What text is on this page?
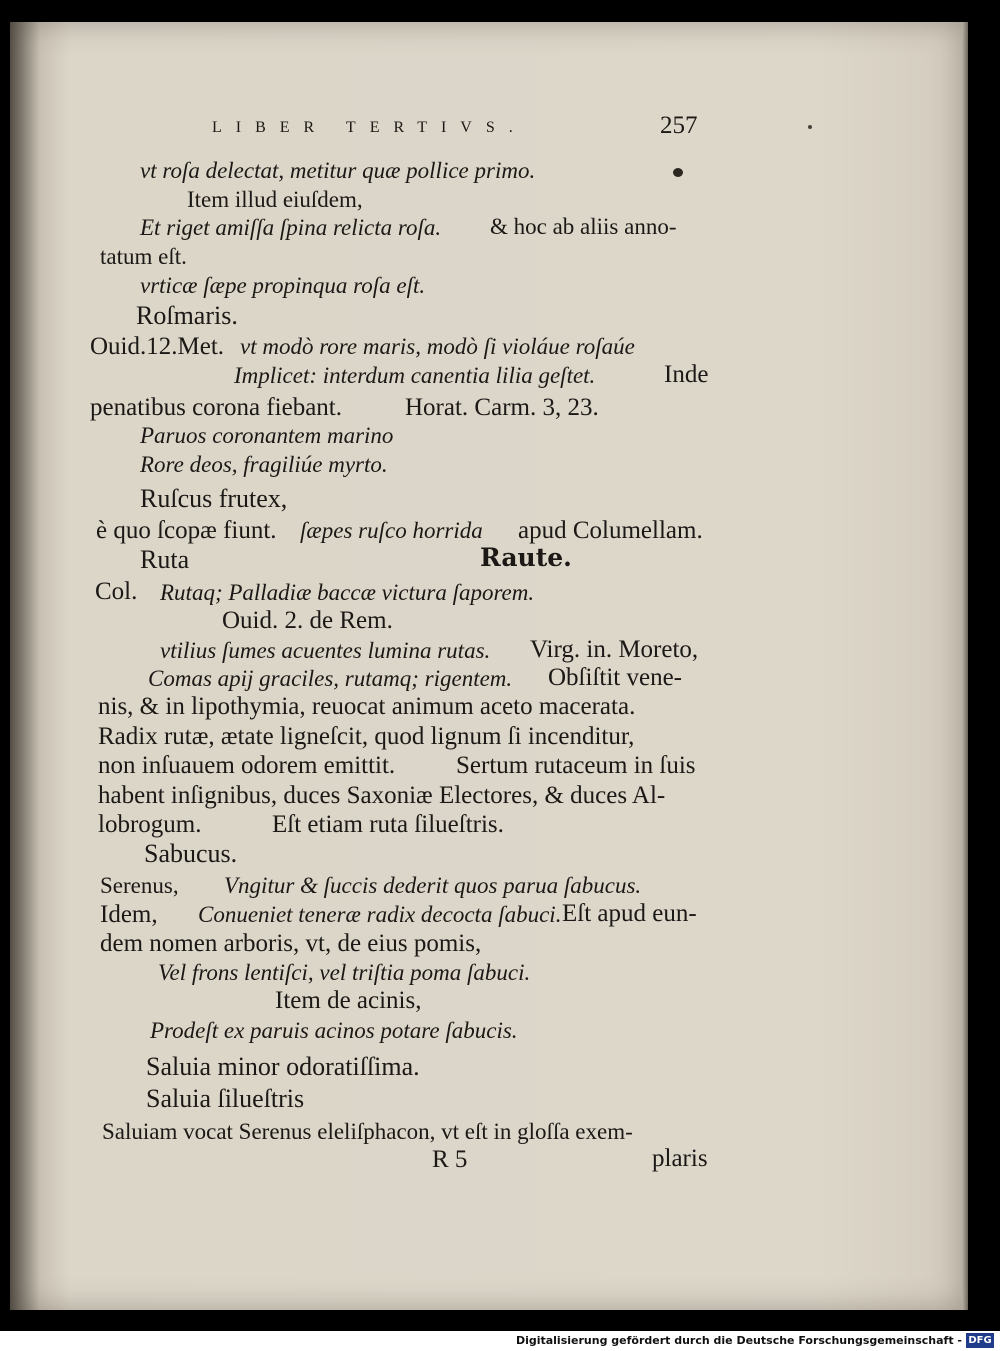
LIBER TERTIVS.	257
vt roſa delectat, metitur quæ pollice primo.
Item illud eiuſdem,
Et riget amiſſa ſpina relicta roſa. & hoc ab aliis anno-
tatum eſt.
vrticæ ſæpe propinqua roſa eſt.
Roſmaris.
Ouid.12.Met. vt modò rore maris, modò ſi violáue roſaúe
Implicet: interdum canentia lilia geſtet.	Inde
penatibus corona fiebant.	Horat. Carm. 3, 23.
Paruos coronantem marino
Rore deos, fragiliúe myrto.
Ruſcus frutex,
è quo ſcopæ fiunt. ſæpes ruſco horrida apud Columellam.
Ruta	Raute.
Col. Rutaq; Palladiæ baccæ victura ſaporem.
Ouid. 2. de Rem.
vtilius ſumes acuentes lumina rutas. Virg. in. Moreto,
Comas apij graciles, rutamq; rigentem. Obſiſtit vene-
nis, & in lipothymia, reuocat animum aceto macerata.
Radix rutæ, ætate ligneſcit, quod lignum ſi incenditur,
non inſuauem odorem emittit. Sertum rutaceum in ſuis
habent inſignibus, duces Saxoniæ Electores, & duces Al-
lobrogum.	Eſt etiam ruta ſilueſtris.
Sabucus.
Serenus, Vngitur & ſuccis dederit quos parua ſabucus.
Idem, Conueniet teneræ radix decocta ſabuci. Eſt apud eun-
dem nomen arboris, vt, de eius pomis,
Vel frons lentiſci, vel triſtia poma ſabuci.
Item de acinis,
Prodeſt ex paruis acinos potare ſabucis.
Saluia minor odoratiſſima.
Saluia ſilueſtris
Saluiam vocat Serenus eleliſphacon, vt eſt in gloſſa exem-
R 5	plaris
Digitalisierung gefördert durch die Deutsche Forschungsgemeinschaft - DFG
